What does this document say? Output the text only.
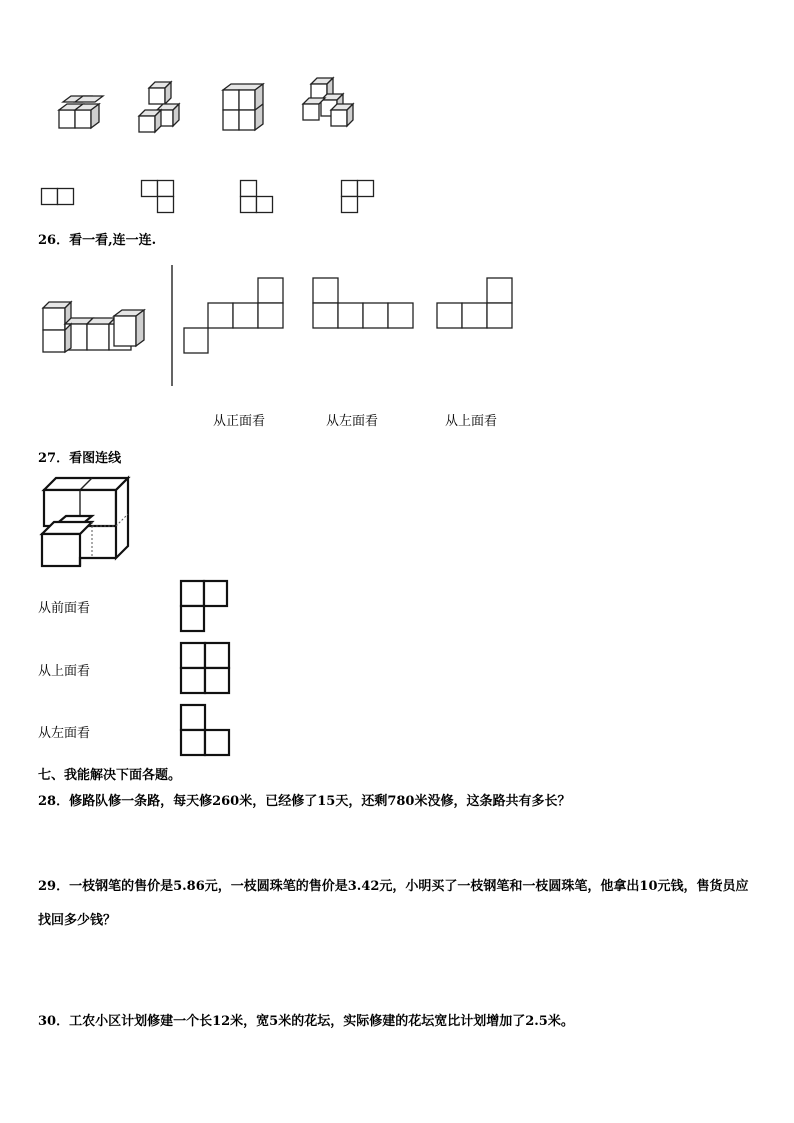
26．看一看,连一连.
从正面看	从左面看	从上面看
27．看图连线
从前面看
从上面看
从左面看
七、我能解决下面各题。
28．修路队修一条路，每天修260米，已经修了15天，还剩780米没修，这条路共有多长？
29．一枝钢笔的售价是5.86元，一枝圆珠笔的售价是3.42元，小明买了一枝钢笔和一枝圆珠笔，他拿出10元钱，售货员应找回多少钱？
30．工农小区计划修建一个长12米，宽5米的花坛，实际修建的花坛宽比计划增加了2.5米。
